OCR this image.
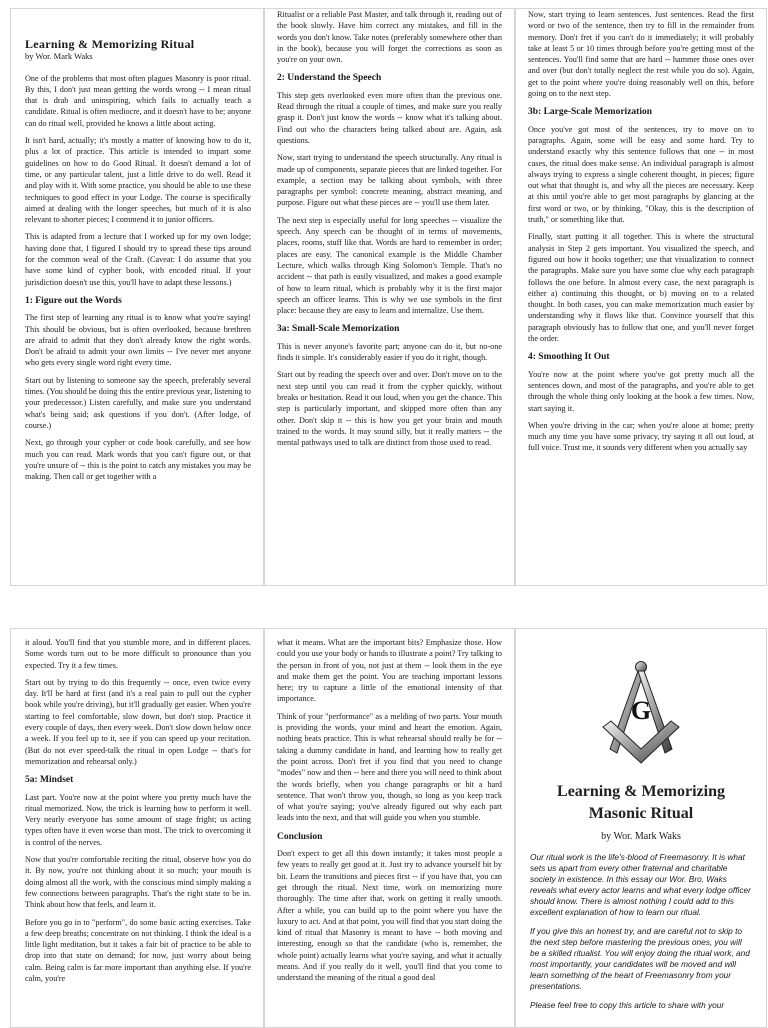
Learning & Memorizing Ritual
by Wor. Mark Waks

One of the problems that most often plagues Masonry is poor ritual. By this, I don't just mean getting the words wrong -- I mean ritual that is drab and uninspiring, which fails to actually teach a candidate. Ritual is often mediocre, and it doesn't have to be; anyone can do ritual well, provided he knows a little about acting.

It isn't hard, actually; it's mostly a matter of knowing how to do it, plus a lot of practice. This article is intended to impart some guidelines on how to do Good Ritual. It doesn't demand a lot of time, or any particular talent, just a little drive to do well. Read it and play with it. With some practice, you should be able to use these techniques to good effect in your Lodge. The course is specifically aimed at dealing with the longer speeches, but much of it is also relevant to shorter pieces; I commend it to junior officers.

This is adapted from a lecture that I worked up for my own lodge; having done that, I figured I should try to spread these tips around for the common weal of the Craft. (Caveat: I do assume that you have some kind of cypher book, with encoded ritual. If your jurisdiction doesn't use this, you'll have to adapt these lessons.)

1: Figure out the Words

The first step of learning any ritual is to know what you're saying! This should be obvious, but is often overlooked, because brethren are afraid to admit that they don't already know the right words. Don't be afraid to admit your own limits -- I've never met anyone who gets every single word right every time.

Start out by listening to someone say the speech, preferably several times. (You should be doing this the entire previous year, listening to your predecessor.) Listen carefully, and make sure you understand what's being said; ask questions if you don't. (After lodge, of course.)

Next, go through your cypher or code book carefully, and see how much you can read. Mark words that you can't figure out, or that you're unsure of -- this is the point to catch any mistakes you may be making. Then call or get together with a

Ritualist or a reliable Past Master, and talk through it, reading out of the book slowly. Have him correct any mistakes, and fill in the words you don't know. Take notes (preferably somewhere other than in the book), because you will forget the corrections as soon as you're on your own.

2: Understand the Speech

This step gets overlooked even more often than the previous one. Read through the ritual a couple of times, and make sure you really grasp it. Don't just know the words -- know what it's talking about. Find out who the characters being talked about are. Again, ask questions.

Now, start trying to understand the speech structurally. Any ritual is made up of components, separate pieces that are linked together. For example, a section may be talking about symbols, with three paragraphs per symbol: concrete meaning, abstract meaning, and purpose. Figure out what these pieces are -- you'll use them later.

The next step is especially useful for long speeches -- visualize the speech. Any speech can be thought of in terms of movements, places, rooms, stuff like that. Words are hard to remember in order; places are easy. The canonical example is the Middle Chamber Lecture, which walks through King Solomon's Temple. That's no accident -- that path is easily visualized, and makes a good example of how to learn ritual, which is probably why it is the first major speech an officer learns. This is why we use symbols in the first place: because they are easy to learn and internalize. Use them.

3a: Small-Scale Memorization

This is never anyone's favorite part; anyone can do it, but no-one finds it simple. It's considerably easier if you do it right, though.

Start out by reading the speech over and over. Don't move on to the next step until you can read it from the cypher quickly, without breaks or hesitation. Read it out loud, when you get the chance. This step is particularly important, and skipped more often than any other. Don't skip it -- this is how you get your brain and mouth trained to the words. It may sound silly, but it really matters -- the mental pathways used to talk are distinct from those used to read.

Now, start trying to learn sentences. Just sentences. Read the first word or two of the sentence, then try to fill in the remainder from memory. Don't fret if you can't do it immediately; it will probably take at least 5 or 10 times through before you're getting most of the sentences. You'll find some that are hard -- hammer those ones over and over (but don't totally neglect the rest while you do so). Again, get to the point where you're doing reasonably well on this, before going on to the next step.

3b: Large-Scale Memorization

Once you've got most of the sentences, try to move on to paragraphs. Again, some will be easy and some hard. Try to understand exactly why this sentence follows that one -- in most cases, the ritual does make sense. An individual paragraph is almost always trying to express a single coherent thought, in pieces; figure out what that thought is, and why all the pieces are necessary. Keep at this until you're able to get most paragraphs by glancing at the first word or two, or by thinking, "Okay, this is the description of truth," or something like that.

Finally, start putting it all together. This is where the structural analysis in Step 2 gets important. You visualized the speech, and figured out how it hooks together; use that visualization to connect the paragraphs. Make sure you have some clue why each paragraph follows the one before. In almost every case, the next paragraph is either a) continuing this thought, or b) moving on to a related thought. In both cases, you can make memorization much easier by understanding why it flows like that. Convince yourself that this paragraph obviously has to follow that one, and you'll never forget the order.

4: Smoothing It Out

You're now at the point where you've got pretty much all the sentences down, and most of the paragraphs, and you're able to get through the whole thing only looking at the book a few times. Now, start saying it.

When you're driving in the car; when you're alone at home; pretty much any time you have some privacy, try saying it all out loud, at full voice. Trust me, it sounds very different when you actually say

it aloud. You'll find that you stumble more, and in different places. Some words turn out to be more difficult to pronounce than you expected. Try it a few times.

Start out by trying to do this frequently -- once, even twice every day. It'll be hard at first (and it's a real pain to pull out the cypher book while you're driving), but it'll gradually get easier. When you're starting to feel comfortable, slow down, but don't stop. Practice it every couple of days, then every week. Don't slow down below once a week. If you feel up to it, see if you can speed up your recitation. (But do not ever speed-talk the ritual in open Lodge -- that's for memorization and rehearsal only.)

5a: Mindset

Last part. You're now at the point where you pretty much have the ritual memorized. Now, the trick is learning how to perform it well. Very nearly everyone has some amount of stage fright; us acting types often have it even worse than most. The trick to overcoming it is control of the nerves.

Now that you're comfortable reciting the ritual, observe how you do it. By now, you're not thinking about it so much; your mouth is doing almost all the work, with the conscious mind simply making a few connections between paragraphs. That's the right state to be in. Think about how that feels, and learn it.

Before you go in to "perform", do some basic acting exercises. Take a few deep breaths; concentrate on not thinking. I think the ideal is a little light meditation, but it takes a fair bit of practice to be able to drop into that state on demand; for now, just worry about being calm. Being calm is far more important than anything else. If you're calm, you're

what it means. What are the important bits? Emphasize those. How could you use your body or hands to illustrate a point? Try talking to the person in front of you, not just at them -- look them in the eye and make them get the point. You are teaching important lessons here; try to capture a little of the emotional intensity of that importance.

Think of your "performance" as a melding of two parts. Your mouth is providing the words, your mind and heart the emotion. Again, nothing beats practice. This is what rehearsal should really be for -- taking a dummy candidate in hand, and learning how to really get the point across. Don't fret if you find that you need to change "modes" now and then -- here and there you will need to think about the words briefly, when you change paragraphs or hit a hard sentence. That won't throw you, though, so long as you keep track of what you're saying; you've already figured out why each part leads into the next, and that will guide you when you stumble.

Conclusion

Don't expect to get all this down instantly; it takes most people a few years to really get good at it. Just try to advance yourself bit by bit. Learn the transitions and pieces first -- if you have that, you can get through the ritual. Next time, work on memorizing more thoroughly. The time after that, work on getting it really smooth. After a while, you can build up to the point where you have the luxury to act. And at that point, you will find that you start doing the kind of ritual that Masonry is meant to have -- both moving and interesting, enough so that the candidate (who is, remember, the whole point) actually learns what you're saying, and what it actually means. And if you really do it well, you'll find that you come to understand the meaning of the ritual a good deal

G
Learning & Memorizing Masonic Ritual
by Wor. Mark Waks

Our ritual work is the life's-blood of Freemasonry. It is what sets us apart from every other fraternal and charitable society in existence. In this essay our Wor. Bro. Waks reveals what every actor learns and what every lodge officer should know. There is almost nothing I could add to this excellent explanation of how to learn our ritual.

If you give this an honest try, and are careful not to skip to the next step before mastering the previous ones, you will be a skilled ritualist. You will enjoy doing the ritual work, and most importantly, your candidates will be moved and will learn something of the heart of Freemasonry from your presentations.

Please feel free to copy this article to share with your
